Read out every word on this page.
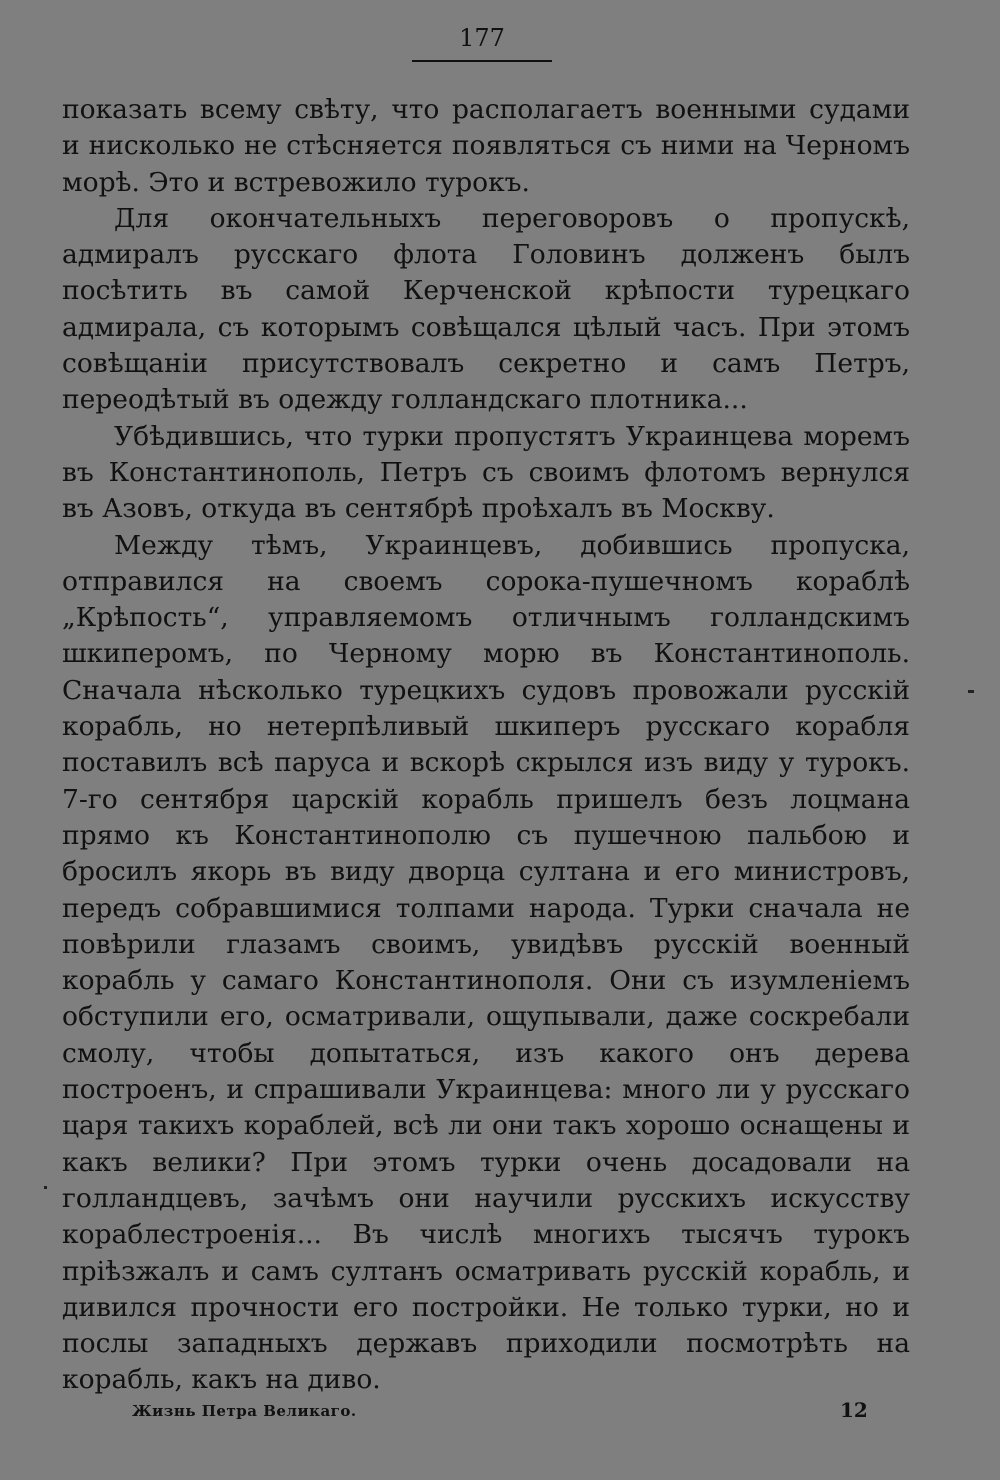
177

показать всему свѣту, что располагаетъ военными судами и нисколько не стѣсняется появляться съ ними на Черномъ морѣ. Это и встревожило турокъ.

Для окончательныхъ переговоровъ о пропускѣ, адмиралъ русскаго флота Головинъ долженъ былъ посѣтить въ самой Керченской крѣпости турецкаго адмирала, съ которымъ совѣщался цѣлый часъ. При этомъ совѣщанiи присутствовалъ секретно и самъ Петръ, переодѣтый въ одежду голландскаго плотника...

Убѣдившись, что турки пропустятъ Украинцева моремъ въ Константинополь, Петръ съ своимъ флотомъ вернулся въ Азовъ, откуда въ сентябрѣ проѣхалъ въ Москву.

Между тѣмъ, Украинцевъ, добившись пропуска, отправился на своемъ сорока-пушечномъ кораблѣ „Крѣпость“, управляемомъ отличнымъ голландскимъ шкиперомъ, по Черному морю въ Константинополь. Сначала нѣсколько турецкихъ судовъ провожали русскiй корабль, но нетерпѣливый шкиперъ русскаго корабля поставилъ всѣ паруса и вскорѣ скрылся изъ виду у турокъ. 7-го сентября царскiй корабль пришелъ безъ лоцмана прямо къ Константинополю съ пушечною пальбою и бросилъ якорь въ виду дворца султана и его министровъ, передъ собравшимися толпами народа. Турки сначала не повѣрили глазамъ своимъ, увидѣвъ русскiй военный корабль у самаго Константинополя. Они съ изумленiемъ обступили его, осматривали, ощупывали, даже соскребали смолу, чтобы допытаться, изъ какого онъ дерева построенъ, и спрашивали Украинцева: много ли у русскаго царя такихъ кораблей, всѣ ли они такъ хорошо оснащены и какъ велики? При этомъ турки очень досадовали на голландцевъ, зачѣмъ они научили русскихъ искусству кораблестроенiя... Въ числѣ многихъ тысячъ турокъ прiѣзжалъ и самъ султанъ осматривать русскiй корабль, и дивился прочности его постройки. Не только турки, но и послы западныхъ державъ приходили посмотрѣть на корабль, какъ на диво.

Жизнь Петра Великаго.	12
